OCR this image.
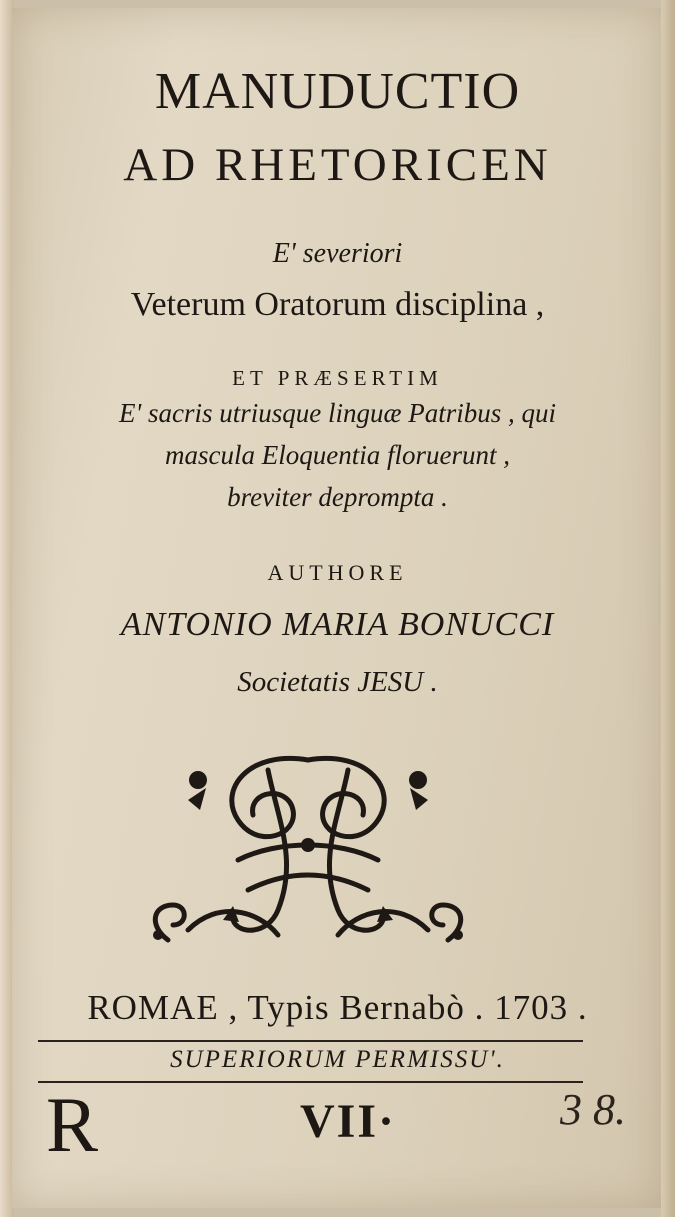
MANUDUCTIO
AD RHETORICEN
E' severiori
Veterum Oratorum disciplina ,
ET PRÆSERTIM
E' sacris utriusque linguæ Patribus , qui
mascula Eloquentia floruerunt ,
breviter deprompta .
AUTHORE
ANTONIO MARIA BONUCCI
Societatis JESU .
ROMAE , Typis Bernabò . 1703 .
SUPERIORUM PERMISSU'.
R	VII·	3 8.
